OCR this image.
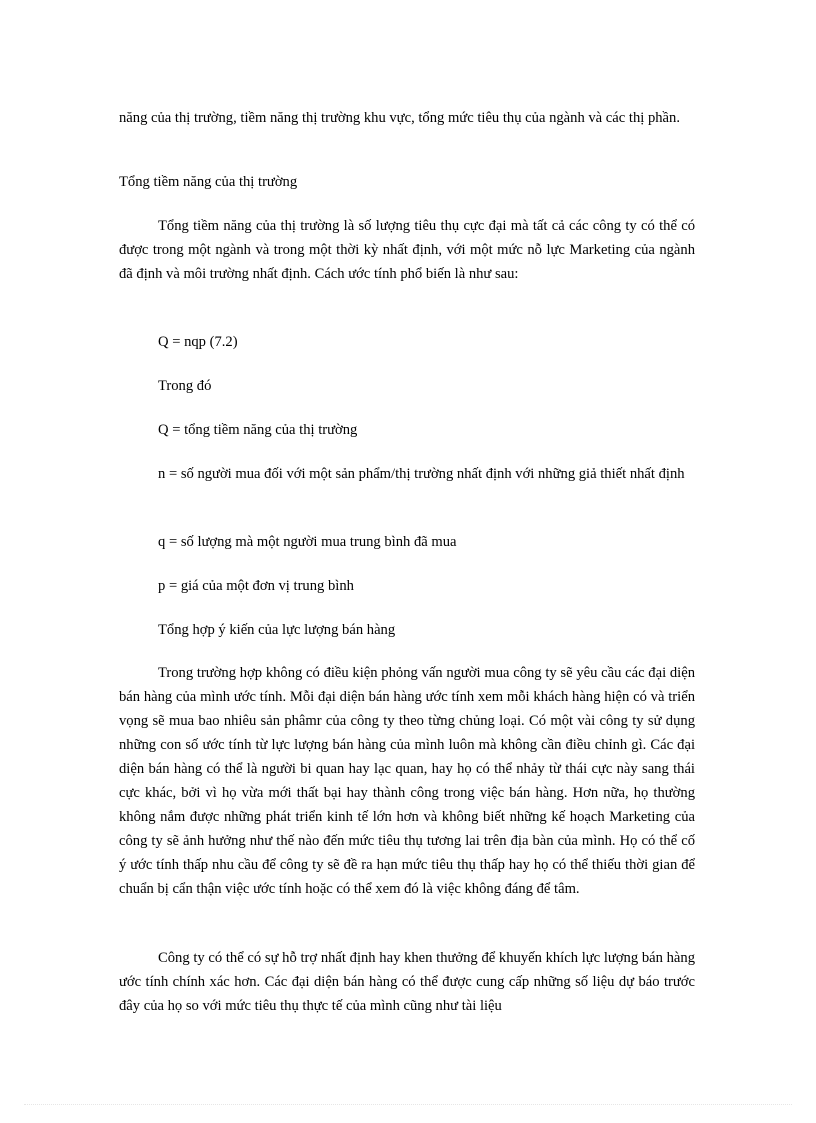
năng của thị trường, tiềm năng thị trường khu vực, tổng mức tiêu thụ của ngành và các thị phần.

Tổng tiềm năng của thị trường

Tổng tiềm năng của thị trường là số lượng tiêu thụ cực đại mà tất cả các công ty có thể có được trong một ngành và trong một thời kỳ nhất định, với một mức nỗ lực Marketing của ngành đã định và môi trường nhất định. Cách ước tính phổ biến là như sau:

Q = nqp (7.2)

Trong đó

Q = tổng tiềm năng của thị trường

n = số người mua đối với một sản phẩm/thị trường nhất định với những giả thiết nhất định

q = số lượng mà một người mua trung bình đã mua

p = giá của một đơn vị trung bình

Tổng hợp ý kiến của lực lượng bán hàng

Trong trường hợp không có điều kiện phỏng vấn người mua công ty sẽ yêu cầu các đại diện bán hàng của mình ước tính. Mỗi đại diện bán hàng ước tính xem mỗi khách hàng hiện có và triển vọng sẽ mua bao nhiêu sản phâmr của công ty theo từng chủng loại. Có một vài công ty sử dụng những con số ước tính từ lực lượng bán hàng của mình luôn mà không cần điều chỉnh gì. Các đại diện bán hàng có thể là người bi quan hay lạc quan, hay họ có thể nhảy từ thái cực này sang thái cực khác, bởi vì họ vừa mới thất bại hay thành công trong việc bán hàng. Hơn nữa, họ thường không nắm được những phát triển kinh tế lớn hơn và không biết những kế hoạch Marketing của công ty sẽ ảnh hưởng như thế nào đến mức tiêu thụ tương lai trên địa bàn của mình. Họ có thể cố ý ước tính thấp nhu cầu để công ty sẽ đề ra hạn mức tiêu thụ thấp hay họ có thể thiếu thời gian để chuẩn bị cẩn thận việc ước tính hoặc có thể xem đó là việc không đáng để tâm.

Công ty có thể có sự hỗ trợ nhất định hay khen thưởng để khuyến khích lực lượng bán hàng ước tính chính xác hơn. Các đại diện bán hàng có thể được cung cấp những số liệu dự báo trước đây của họ so với mức tiêu thụ thực tế của mình cũng như tài liệu
